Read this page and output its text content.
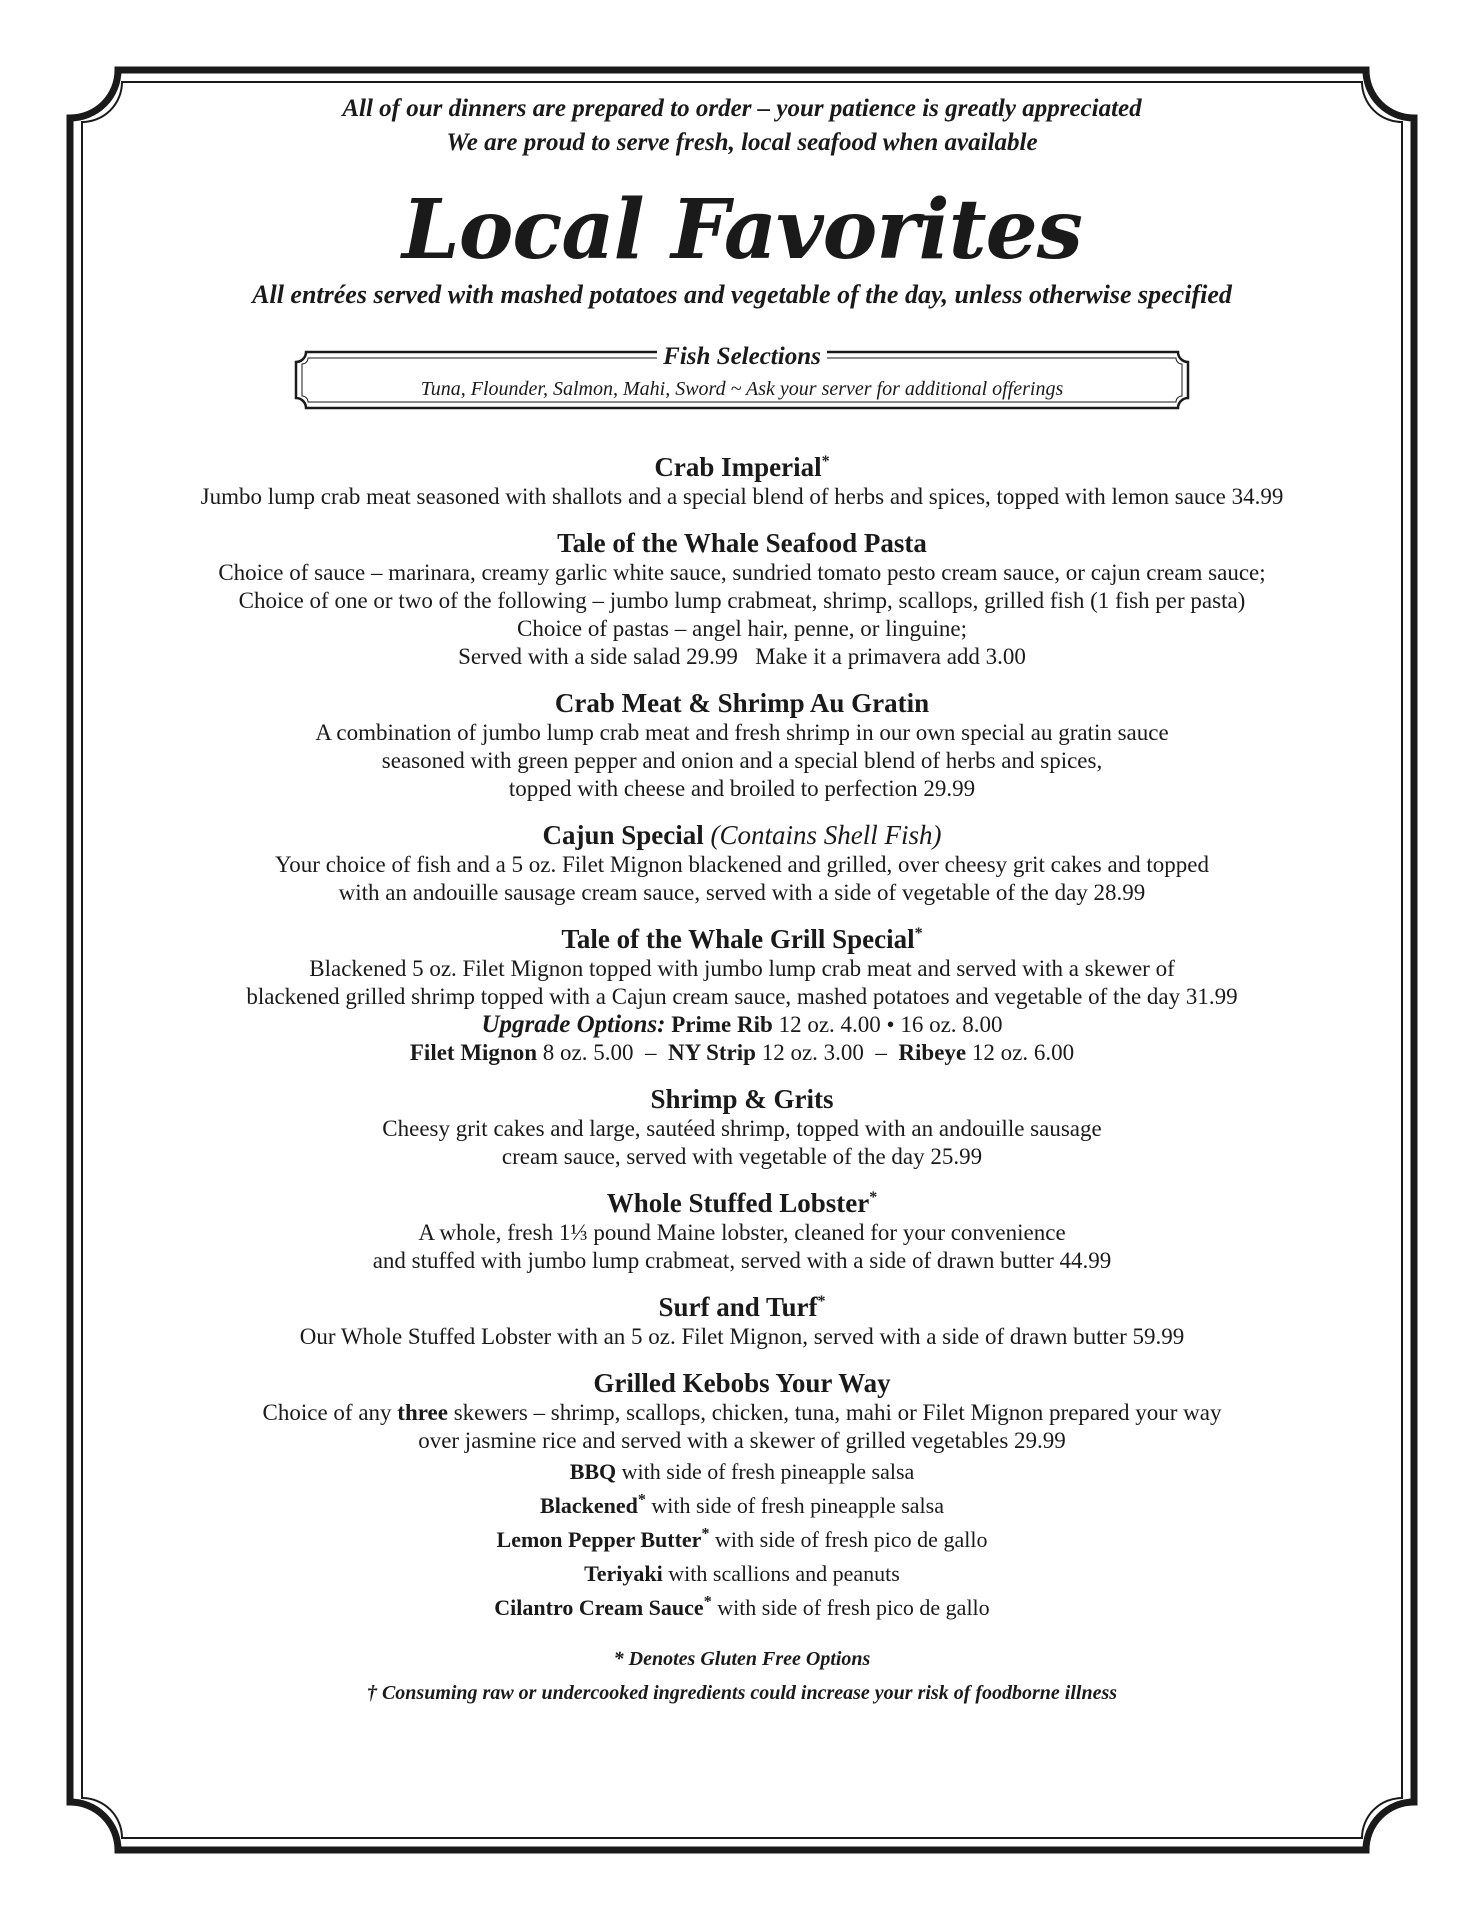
All of our dinners are prepared to order – your patience is greatly appreciated
We are proud to serve fresh, local seafood when available
Local Favorites
All entrées served with mashed potatoes and vegetable of the day, unless otherwise specified
Fish Selections
Tuna, Flounder, Salmon, Mahi, Sword ~ Ask your server for additional offerings
Crab Imperial*
Jumbo lump crab meat seasoned with shallots and a special blend of herbs and spices, topped with lemon sauce 34.99
Tale of the Whale Seafood Pasta
Choice of sauce – marinara, creamy garlic white sauce, sundried tomato pesto cream sauce, or cajun cream sauce;
Choice of one or two of the following – jumbo lump crabmeat, shrimp, scallops, grilled fish (1 fish per pasta)
Choice of pastas – angel hair, penne, or linguine;
Served with a side salad 29.99   Make it a primavera add 3.00
Crab Meat & Shrimp Au Gratin
A combination of jumbo lump crab meat and fresh shrimp in our own special au gratin sauce
seasoned with green pepper and onion and a special blend of herbs and spices,
topped with cheese and broiled to perfection 29.99
Cajun Special (Contains Shell Fish)
Your choice of fish and a 5 oz. Filet Mignon blackened and grilled, over cheesy grit cakes and topped
with an andouille sausage cream sauce, served with a side of vegetable of the day 28.99
Tale of the Whale Grill Special*
Blackened 5 oz. Filet Mignon topped with jumbo lump crab meat and served with a skewer of
blackened grilled shrimp topped with a Cajun cream sauce, mashed potatoes and vegetable of the day 31.99
Upgrade Options: Prime Rib 12 oz. 4.00 • 16 oz. 8.00
Filet Mignon 8 oz. 5.00 – NY Strip 12 oz. 3.00 – Ribeye 12 oz. 6.00
Shrimp & Grits
Cheesy grit cakes and large, sautéed shrimp, topped with an andouille sausage
cream sauce, served with vegetable of the day 25.99
Whole Stuffed Lobster*
A whole, fresh 1⅓ pound Maine lobster, cleaned for your convenience
and stuffed with jumbo lump crabmeat, served with a side of drawn butter 44.99
Surf and Turf*
Our Whole Stuffed Lobster with an 5 oz. Filet Mignon, served with a side of drawn butter 59.99
Grilled Kebobs Your Way
Choice of any three skewers – shrimp, scallops, chicken, tuna, mahi or Filet Mignon prepared your way
over jasmine rice and served with a skewer of grilled vegetables 29.99
BBQ with side of fresh pineapple salsa
Blackened* with side of fresh pineapple salsa
Lemon Pepper Butter* with side of fresh pico de gallo
Teriyaki with scallions and peanuts
Cilantro Cream Sauce* with side of fresh pico de gallo
* Denotes Gluten Free Options
† Consuming raw or undercooked ingredients could increase your risk of foodborne illness
